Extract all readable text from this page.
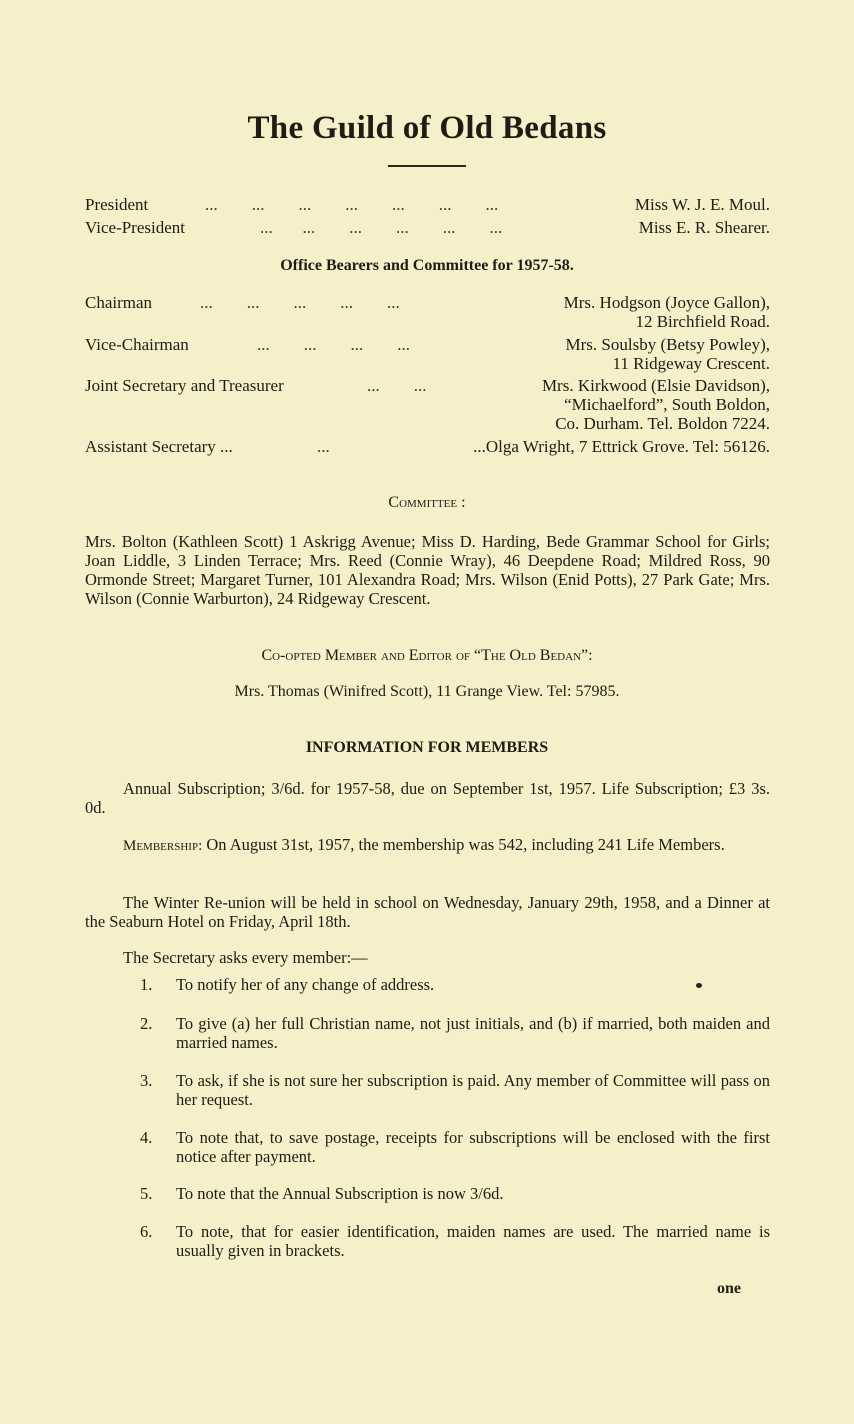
The Guild of Old Bedans
President	...        ...        ...        ...        ...        ...        ...	Miss W. J. E. Moul.
Vice-President	...       ...        ...        ...        ...        ...	Miss E. R. Shearer.
Office Bearers and Committee for 1957-58.
Chairman	...        ...        ...        ...        ...	Mrs. Hodgson (Joyce Gallon),
12 Birchfield Road.
Vice-Chairman	...        ...        ...        ...	Mrs. Soulsby (Betsy Powley),
11 Ridgeway Crescent.
Joint Secretary and Treasurer	...        ...	Mrs. Kirkwood (Elsie Davidson),
“Michaelford”, South Boldon,
Co. Durham. Tel. Boldon 7224.
Assistant Secretary ...	...	...Olga Wright, 7 Ettrick Grove. Tel: 56126.
Committee :

Mrs. Bolton (Kathleen Scott) 1 Askrigg Avenue; Miss D. Harding, Bede Grammar School for Girls; Joan Liddle, 3 Linden Terrace; Mrs. Reed (Connie Wray), 46 Deepdene Road; Mildred Ross, 90 Ormonde Street; Margaret Turner, 101 Alexandra Road; Mrs. Wilson (Enid Potts), 27 Park Gate; Mrs. Wilson (Connie Warburton), 24 Ridgeway Crescent.

Co-opted Member and Editor of “The Old Bedan”:
Mrs. Thomas (Winifred Scott), 11 Grange View. Tel: 57985.
INFORMATION FOR MEMBERS

Annual Subscription; 3/6d. for 1957-58, due on September 1st, 1957. Life Subscription; £3 3s. 0d.

Membership: On August 31st, 1957, the membership was 542, including 241 Life Members.

The Winter Re-union will be held in school on Wednesday, January 29th, 1958, and a Dinner at the Seaburn Hotel on Friday, April 18th.

The Secretary asks every member:—
1. To notify her of any change of address.
2. To give (a) her full Christian name, not just initials, and (b) if married, both maiden and married names.
3. To ask, if she is not sure her subscription is paid. Any member of Committee will pass on her request.
4. To note that, to save postage, receipts for subscriptions will be enclosed with the first notice after payment.
5. To note that the Annual Subscription is now 3/6d.
6. To note, that for easier identification, maiden names are used. The married name is usually given in brackets.
one
